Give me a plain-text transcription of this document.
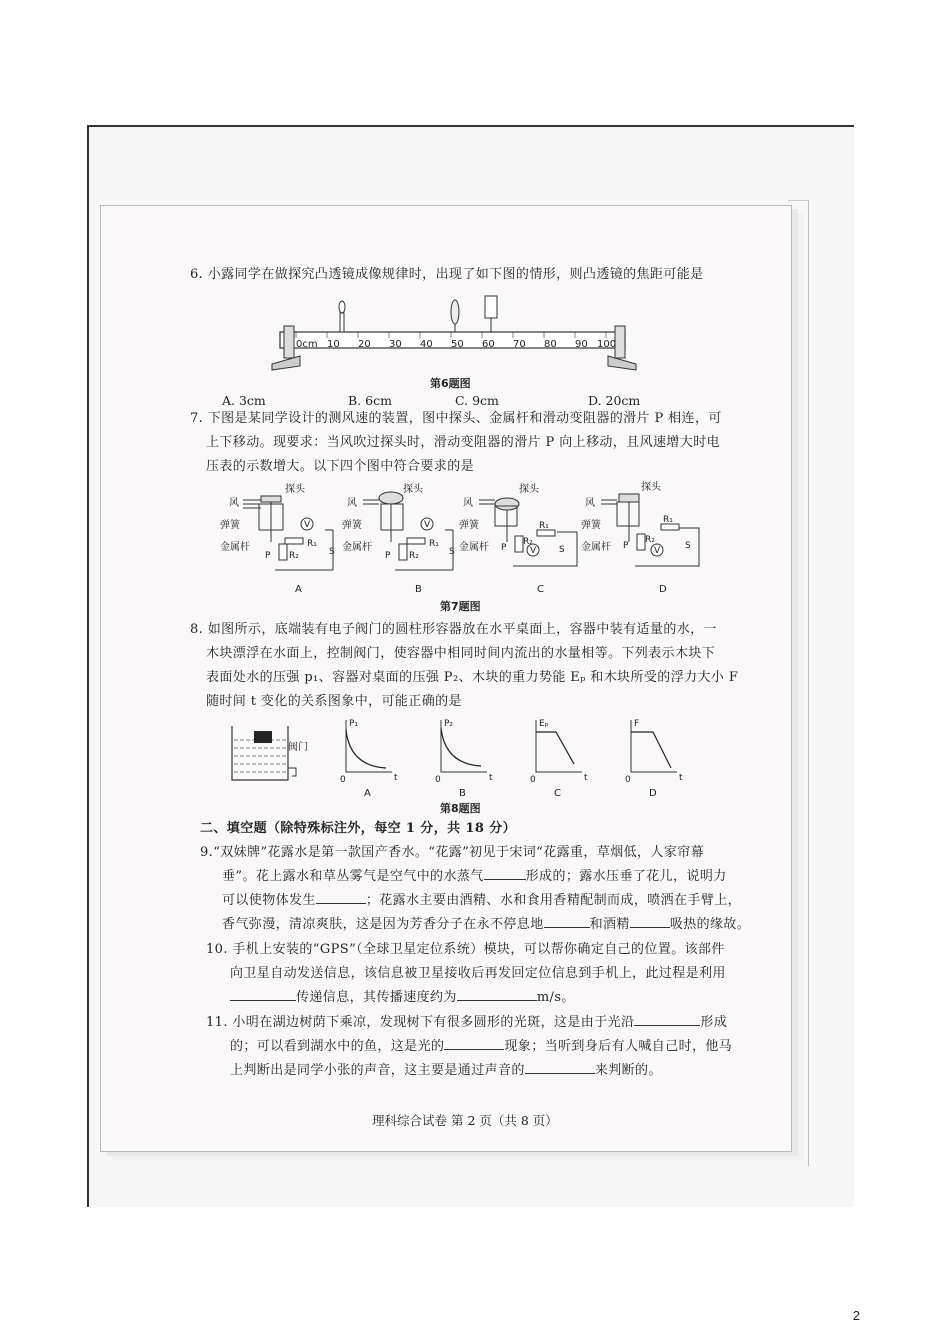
6. 小露同学在做探究凸透镜成像规律时，出现了如下图的情形，则凸透镜的焦距可能是
0cm 10 20 30 40 50 60 70 80 90 100
第6题图
A. 3cm	B. 6cm	C. 9cm	D. 20cm
7. 下图是某同学设计的测风速的装置，图中探头、金属杆和滑动变阻器的滑片 P 相连，可
上下移动。现要求：当风吹过探头时，滑动变阻器的滑片 P 向上移动，且风速增大时电
压表的示数增大。以下四个图中符合要求的是
风
探头
弹簧
金属杆
V
R₁
P R₂	S
A
风
探头
弹簧
金属杆
V
R₁
P R₂	S
B
风
探头
弹簧
金属杆
R₁
V
P
R₂
S
C
风
探头
弹簧
金属杆
R₁
V
P
R₂
S
D
第7题图
8. 如图所示，底端装有电子阀门的圆柱形容器放在水平桌面上，容器中装有适量的水，一
木块漂浮在水面上，控制阀门，使容器中相同时间内流出的水量相等。下列表示木块下
表面处水的压强 p₁、容器对桌面的压强 P₂、木块的重力势能 Eₚ 和木块所受的浮力大小 F
随时间 t 变化的关系图象中，可能正确的是
阀门
P₁
t
0
A
P₂
t
0
B
Eₚ
t
0
C
F
t
0
D
第8题图
二、填空题（除特殊标注外，每空 1 分，共 18 分）
9.“双妹牌”花露水是第一款国产香水。“花露”初见于宋词“花露重，草烟低，人家帘幕
垂”。花上露水和草丛雾气是空气中的水蒸气	形成的；露水压垂了花儿，说明力
可以使物体发生	；花露水主要由酒精、水和食用香精配制而成，喷洒在手臂上，
香气弥漫，清凉爽肤，这是因为芳香分子在永不停息地	和酒精	吸热的缘故。
10. 手机上安装的“GPS”（全球卫星定位系统）模块，可以帮你确定自己的位置。该部件
向卫星自动发送信息，该信息被卫星接收后再发回定位信息到手机上，此过程是利用
传递信息，其传播速度约为	m/s。
11. 小明在湖边树荫下乘凉，发现树下有很多圆形的光斑，这是由于光沿	形成
的；可以看到湖水中的鱼，这是光的	现象；当听到身后有人喊自己时，他马
上判断出是同学小张的声音，这主要是通过声音的	来判断的。
理科综合试卷 第 2 页（共 8 页）
2
